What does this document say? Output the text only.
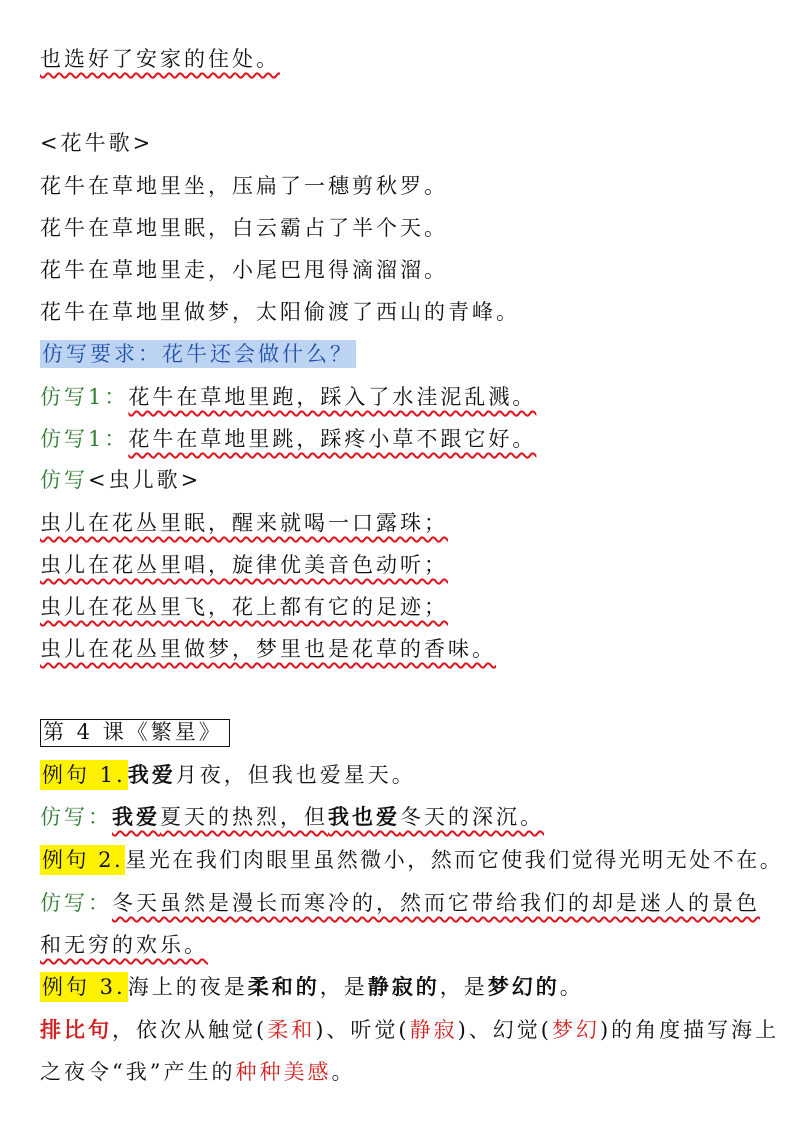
也选好了安家的住处。
<花牛歌>
花牛在草地里坐，压扁了一穗剪秋罗。
花牛在草地里眠，白云霸占了半个天。
花牛在草地里走，小尾巴甩得滴溜溜。
花牛在草地里做梦，太阳偷渡了西山的青峰。
仿写要求：花牛还会做什么？
仿写1：花牛在草地里跑，踩入了水洼泥乱溅。
仿写1：花牛在草地里跳，踩疼小草不跟它好。
仿写<虫儿歌>
虫儿在花丛里眠，醒来就喝一口露珠；
虫儿在花丛里唱，旋律优美音色动听；
虫儿在花丛里飞，花上都有它的足迹；
虫儿在花丛里做梦，梦里也是花草的香味。
第 4 课《繁星》
例句 1.我爱月夜，但我也爱星天。
仿写：我爱夏天的热烈，但我也爱冬天的深沉。
例句 2.星光在我们肉眼里虽然微小，然而它使我们觉得光明无处不在。
仿写：冬天虽然是漫长而寒冷的，然而它带给我们的却是迷人的景色
和无穷的欢乐。
例句 3.海上的夜是柔和的，是静寂的，是梦幻的。
排比句，依次从触觉(柔和)、听觉(静寂)、幻觉(梦幻)的角度描写海上
之夜令“我”产生的种种美感。
